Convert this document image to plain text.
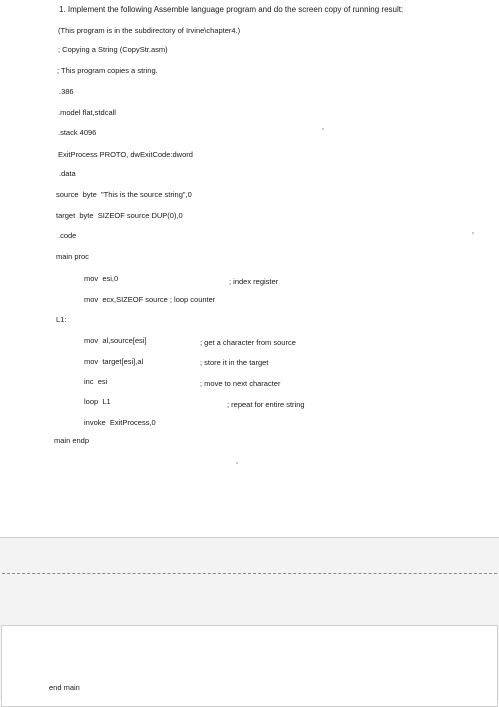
1. Implement the following Assemble language program and do the screen copy of running result:
(This program is in the subdirectory of Irvine\chapter4.)
; Copying a String (CopyStr.asm)
; This program copies a string.
.386
.model flat,stdcall
.stack 4096
ExitProcess PROTO, dwExitCode:dword
.data
source  byte  "This is the source string",0
target  byte  SIZEOF source DUP(0),0
.code
main proc
mov  esi,0	; index register
mov  ecx,SIZEOF source ; loop counter
L1:
mov  al,source[esi]	; get a character from source
mov  target[esi],al	; store it in the target
inc  esi	; move to next character
loop  L1	; repeat for entire string
invoke  ExitProcess,0
main endp
end main
